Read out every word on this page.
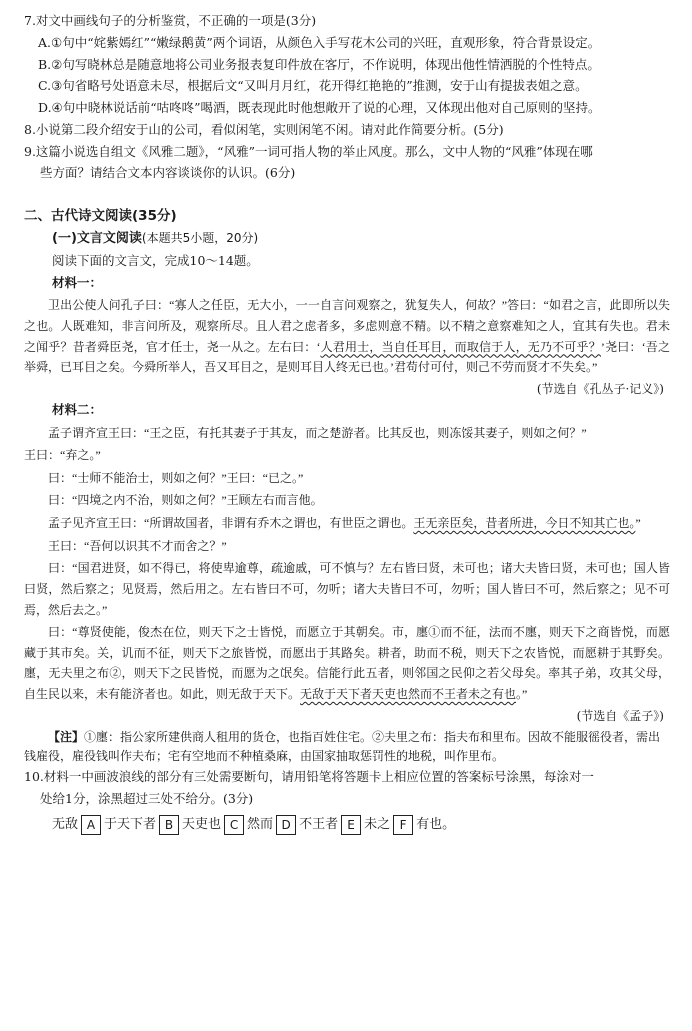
7.对文中画线句子的分析鉴赏，不正确的一项是(3分)

A.①句中“姹紫嫣红”“嫩绿鹅黄”两个词语，从颜色入手写花木公司的兴旺，直观形象，符合背景设定。

B.②句写晓林总是随意地将公司业务报表复印件放在客厅，不作说明，体现出他性情洒脱的个性特点。

C.③句省略号处语意未尽，根据后文“又叫月月红，花开得红艳艳的”推测，安于山有提拔表姐之意。

D.④句中晓林说话前“咕咚咚”喝酒，既表现此时他想敞开了说的心理，又体现出他对自己原则的坚持。

8.小说第二段介绍安于山的公司，看似闲笔，实则闲笔不闲。请对此作简要分析。(5分)

9.这篇小说选自组文《风雅二题》，“风雅”一词可指人物的举止风度。那么，文中人物的“风雅”体现在哪

些方面？请结合文本内容谈谈你的认识。(6分)

二、古代诗文阅读(35分)
(一)文言文阅读(本题共5小题，20分)

阅读下面的文言文，完成10～14题。

材料一：

卫出公使人问孔子曰：“寡人之任臣，无大小，一一自言问观察之，犹复失人，何故？”答曰：“如君之言，此即所以失之也。人既难知，非言问所及，观察所尽。且人君之虑者多，多虑则意不精。以不精之意察难知之人，宜其有失也。君未之闻乎？昔者舜臣尧，官才任士，尧一从之。左右曰：‘人君用士，当自任耳目，而取信于人，无乃不可乎？’尧曰：‘吾之举舜，已耳目之矣。今舜所举人，吾又耳目之，是则耳目人终无已也。’君苟付可付，则己不劳而贤才不失矣。”

(节选自《孔丛子·记义》)

材料二：

孟子谓齐宣王曰：“王之臣，有托其妻子于其友，而之楚游者。比其反也，则冻馁其妻子，则如之何？”

王曰：“弃之。”

曰：“士师不能治士，则如之何？”王曰：“已之。”

曰：“四境之内不治，则如之何？”王顾左右而言他。

孟子见齐宣王曰：“所谓故国者，非谓有乔木之谓也，有世臣之谓也。王无亲臣矣，昔者所进，今日不知其亡也。”

王曰：“吾何以识其不才而舍之？”

曰：“国君进贤，如不得已，将使卑逾尊，疏逾戚，可不慎与？左右皆曰贤，未可也；诸大夫皆曰贤，未可也；国人皆曰贤，然后察之；见贤焉，然后用之。左右皆曰不可，勿听；诸大夫皆曰不可，勿听；国人皆曰不可，然后察之；见不可焉，然后去之。”

曰：“尊贤使能，俊杰在位，则天下之士皆悦，而愿立于其朝矣。市，廛①而不征，法而不廛，则天下之商皆悦，而愿藏于其市矣。关，讥而不征，则天下之旅皆悦，而愿出于其路矣。耕者，助而不税，则天下之农皆悦，而愿耕于其野矣。廛，无夫里之布②，则天下之民皆悦，而愿为之氓矣。信能行此五者，则邻国之民仰之若父母矣。率其子弟，攻其父母，自生民以来，未有能济者也。如此，则无敌于天下。无敌于天下者天吏也然而不王者未之有也。”

(节选自《孟子》)

【注】①廛：指公家所建供商人租用的货仓，也指百姓住宅。②夫里之布：指夫布和里布。因故不能服徭役者，需出钱雇役，雇役钱叫作夫布；宅有空地而不种植桑麻，由国家抽取惩罚性的地税，叫作里布。

10.材料一中画波浪线的部分有三处需要断句，请用铅笔将答题卡上相应位置的答案标号涂黑，每涂对一

处给1分，涂黑超过三处不给分。(3分)

无敌 A 于天下者 B 天吏也 C 然而 D 不王者 E 未之 F 有也。
